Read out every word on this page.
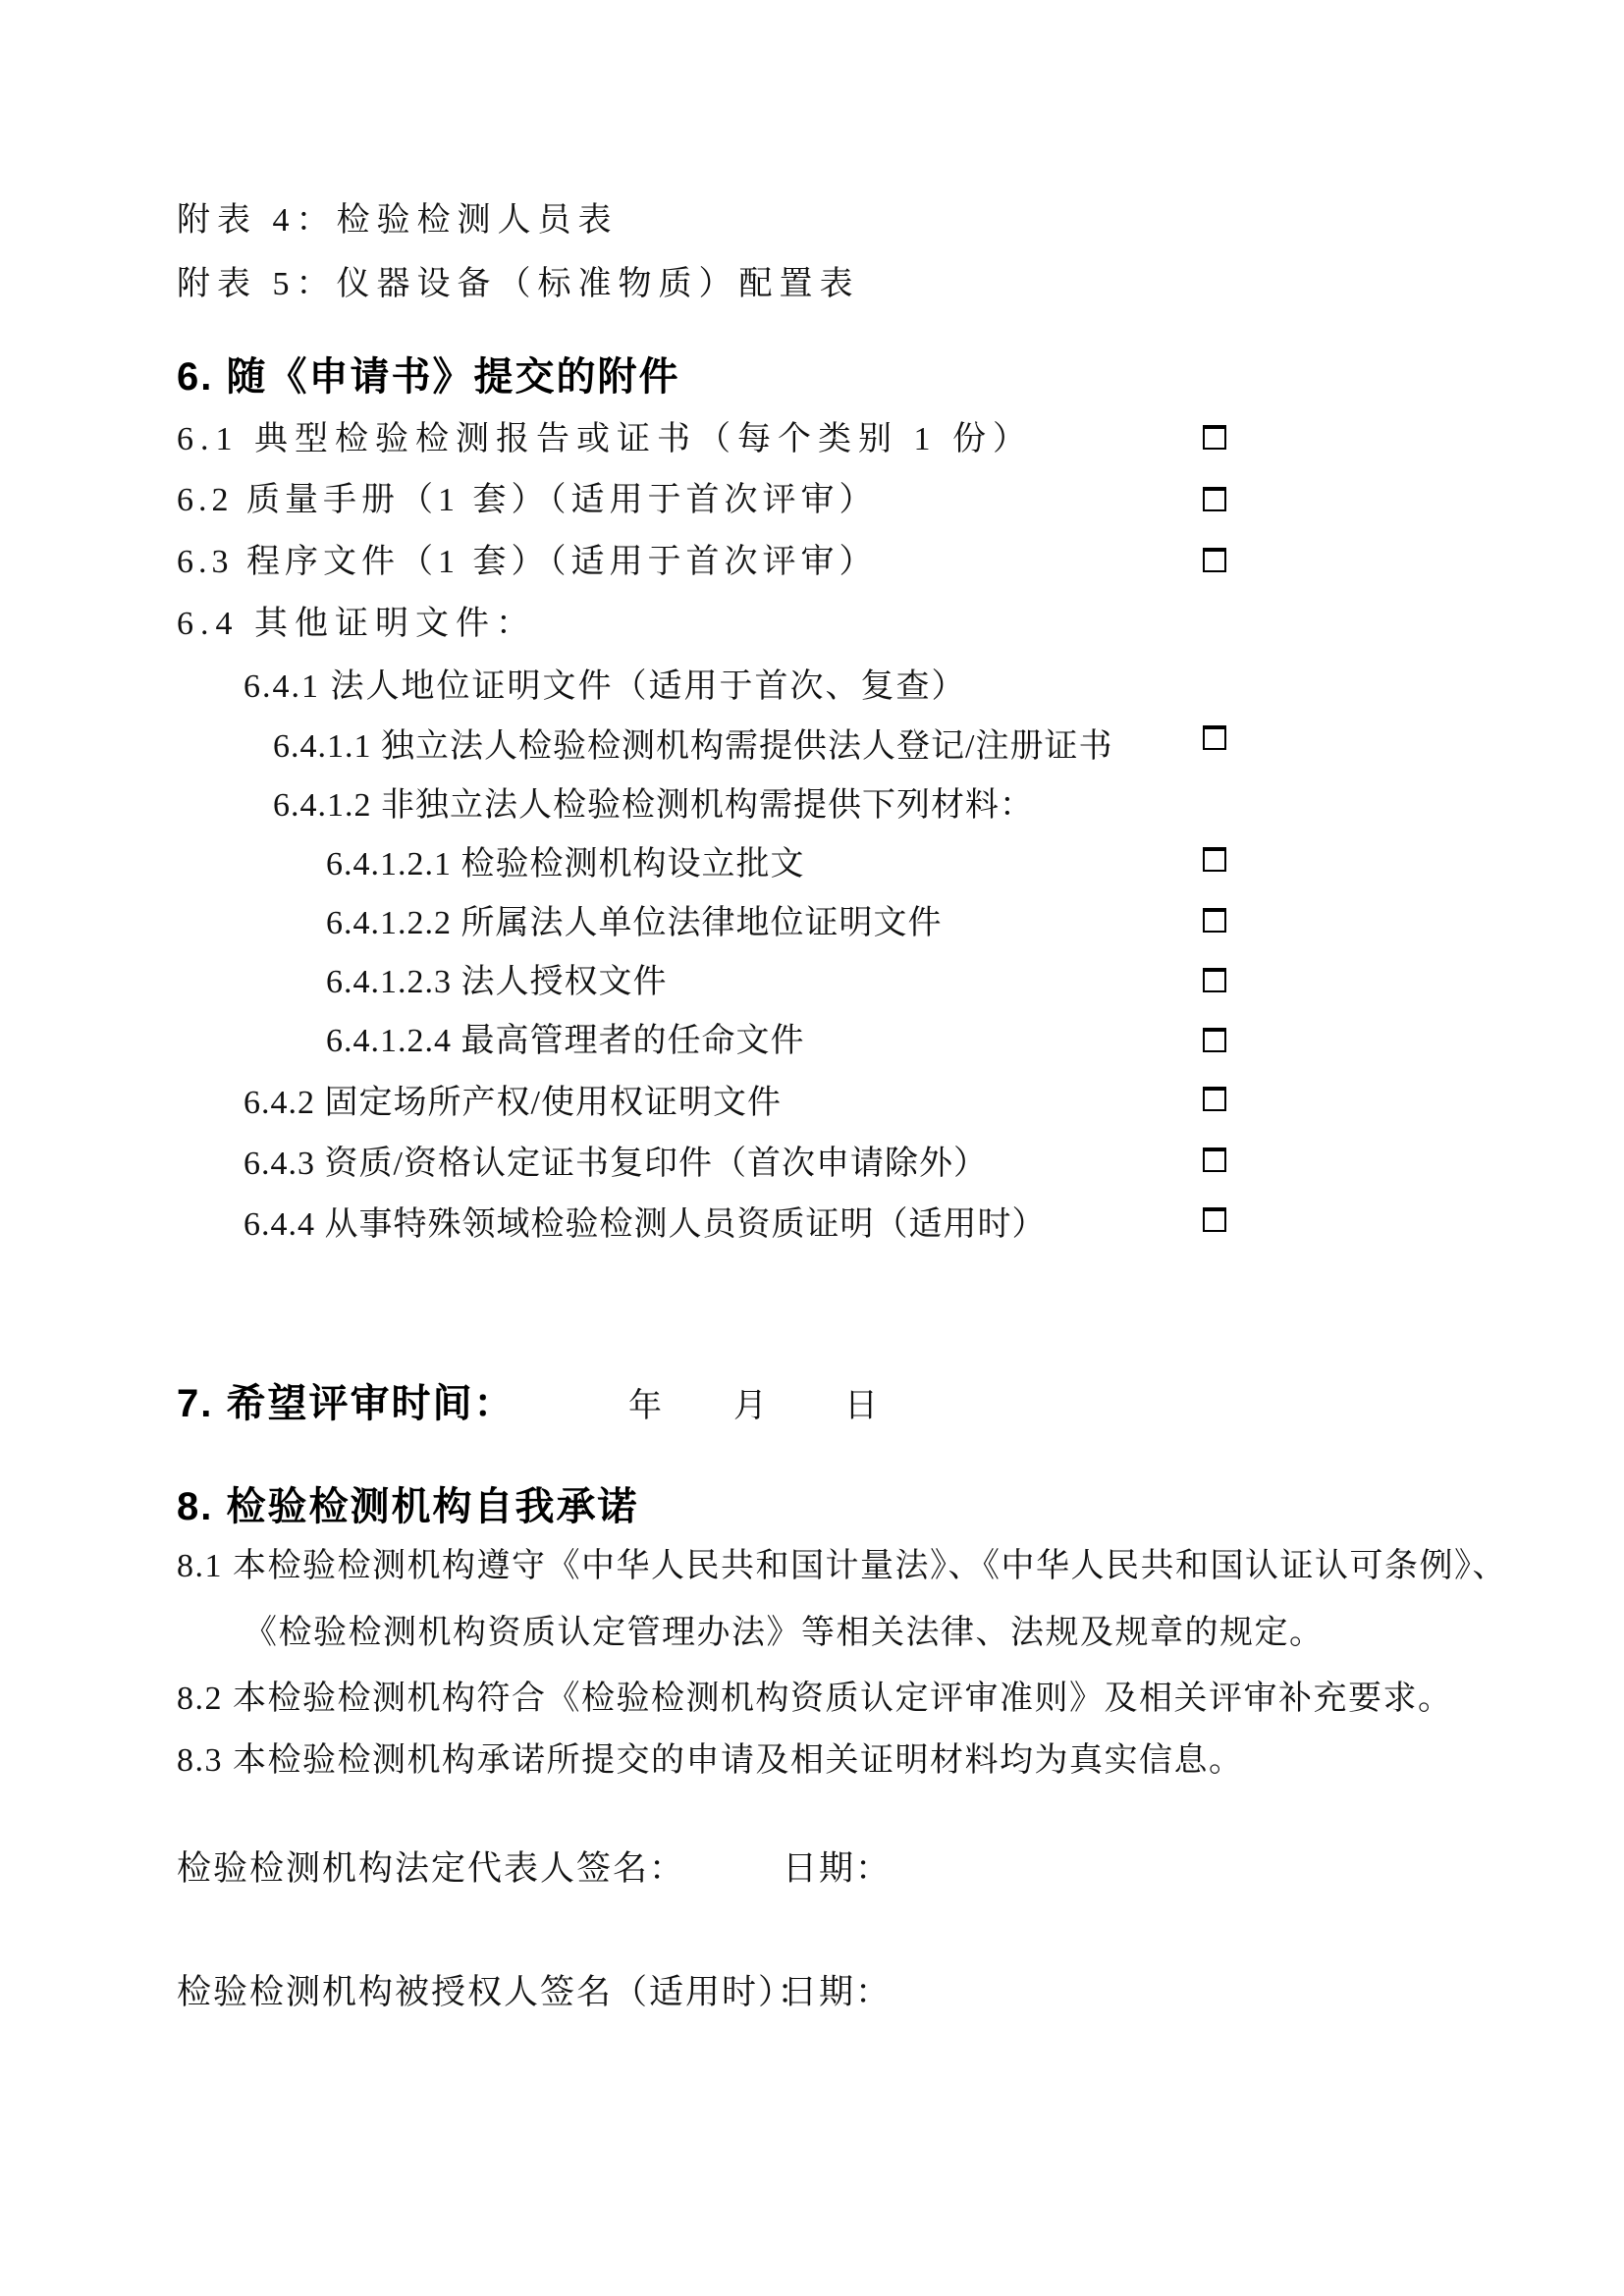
附表 4：检验检测人员表
附表 5：仪器设备（标准物质）配置表
6. 随《申请书》提交的附件
6.1 典型检验检测报告或证书（每个类别 1 份）
6.2 质量手册（1 套）（适用于首次评审）
6.3 程序文件（1 套）（适用于首次评审）
6.4 其他证明文件：
6.4.1 法人地位证明文件（适用于首次、复查）
6.4.1.1 独立法人检验检测机构需提供法人登记/注册证书
6.4.1.2 非独立法人检验检测机构需提供下列材料：
6.4.1.2.1 检验检测机构设立批文
6.4.1.2.2 所属法人单位法律地位证明文件
6.4.1.2.3 法人授权文件
6.4.1.2.4 最高管理者的任命文件
6.4.2 固定场所产权/使用权证明文件
6.4.3 资质/资格认定证书复印件（首次申请除外）
6.4.4 从事特殊领域检验检测人员资质证明（适用时）
7. 希望评审时间：	年 月 日
8. 检验检测机构自我承诺
8.1 本检验检测机构遵守《中华人民共和国计量法》、《中华人民共和国认证认可条例》、《检验检测机构资质认定管理办法》等相关法律、法规及规章的规定。
8.2 本检验检测机构符合《检验检测机构资质认定评审准则》及相关评审补充要求。
8.3 本检验检测机构承诺所提交的申请及相关证明材料均为真实信息。
检验检测机构法定代表人签名：	日期：
检验检测机构被授权人签名（适用时）：
日期：
